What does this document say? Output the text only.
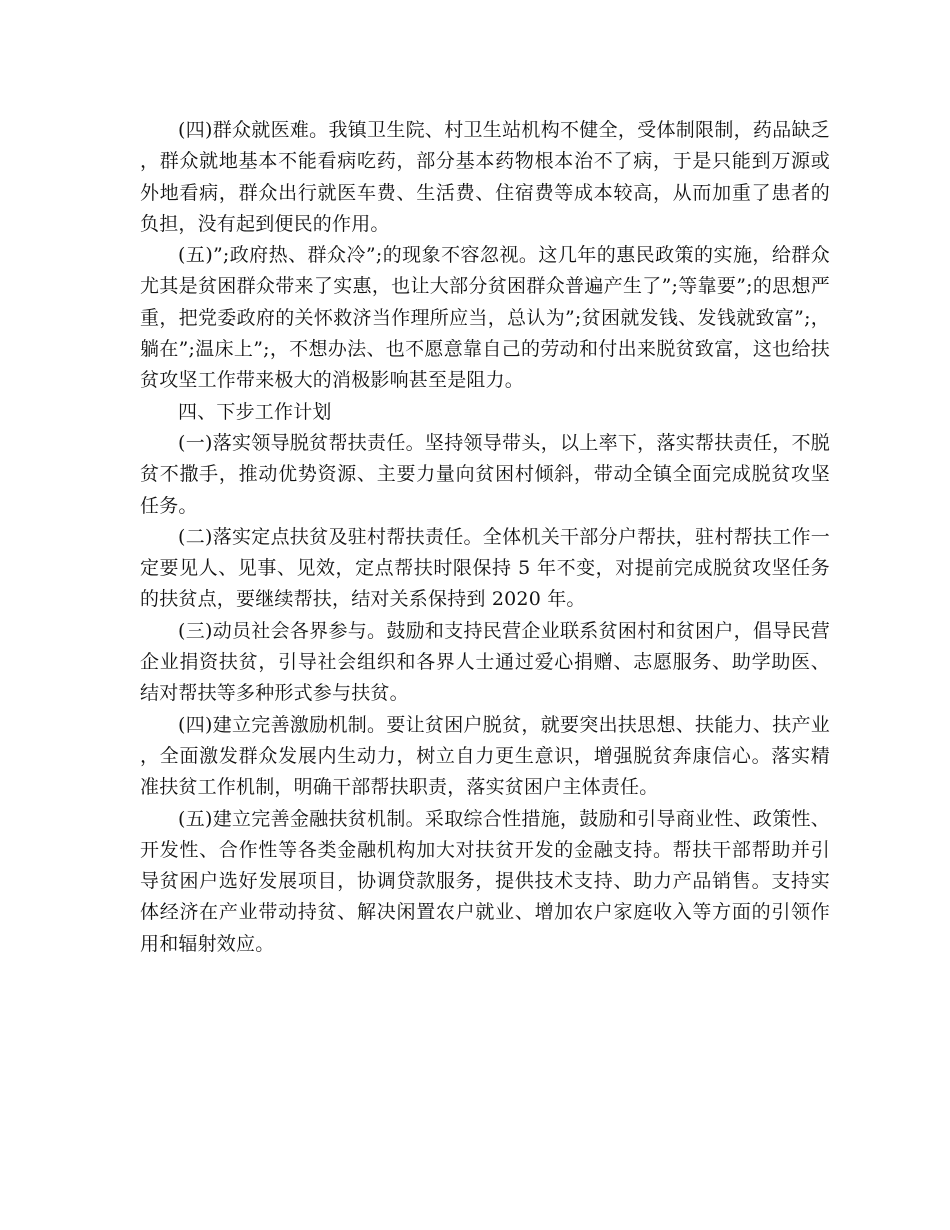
(四)群众就医难。我镇卫生院、村卫生站机构不健全，受体制限制，药品缺乏，群众就地基本不能看病吃药，部分基本药物根本治不了病，于是只能到万源或外地看病，群众出行就医车费、生活费、住宿费等成本较高，从而加重了患者的负担，没有起到便民的作用。

(五)”;政府热、群众冷”;的现象不容忽视。这几年的惠民政策的实施，给群众尤其是贫困群众带来了实惠，也让大部分贫困群众普遍产生了”;等靠要”;的思想严重，把党委政府的关怀救济当作理所应当，总认为”;贫困就发钱、发钱就致富”;，躺在”;温床上”;，不想办法、也不愿意靠自己的劳动和付出来脱贫致富，这也给扶贫攻坚工作带来极大的消极影响甚至是阻力。

四、下步工作计划

(一)落实领导脱贫帮扶责任。坚持领导带头，以上率下，落实帮扶责任，不脱贫不撒手，推动优势资源、主要力量向贫困村倾斜，带动全镇全面完成脱贫攻坚任务。

(二)落实定点扶贫及驻村帮扶责任。全体机关干部分户帮扶，驻村帮扶工作一定要见人、见事、见效，定点帮扶时限保持 5 年不变，对提前完成脱贫攻坚任务的扶贫点，要继续帮扶，结对关系保持到 2020 年。

(三)动员社会各界参与。鼓励和支持民营企业联系贫困村和贫困户，倡导民营企业捐资扶贫，引导社会组织和各界人士通过爱心捐赠、志愿服务、助学助医、结对帮扶等多种形式参与扶贫。

(四)建立完善激励机制。要让贫困户脱贫，就要突出扶思想、扶能力、扶产业，全面激发群众发展内生动力，树立自力更生意识，增强脱贫奔康信心。落实精准扶贫工作机制，明确干部帮扶职责，落实贫困户主体责任。

(五)建立完善金融扶贫机制。采取综合性措施，鼓励和引导商业性、政策性、开发性、合作性等各类金融机构加大对扶贫开发的金融支持。帮扶干部帮助并引导贫困户选好发展项目，协调贷款服务，提供技术支持、助力产品销售。支持实体经济在产业带动持贫、解决闲置农户就业、增加农户家庭收入等方面的引领作用和辐射效应。
